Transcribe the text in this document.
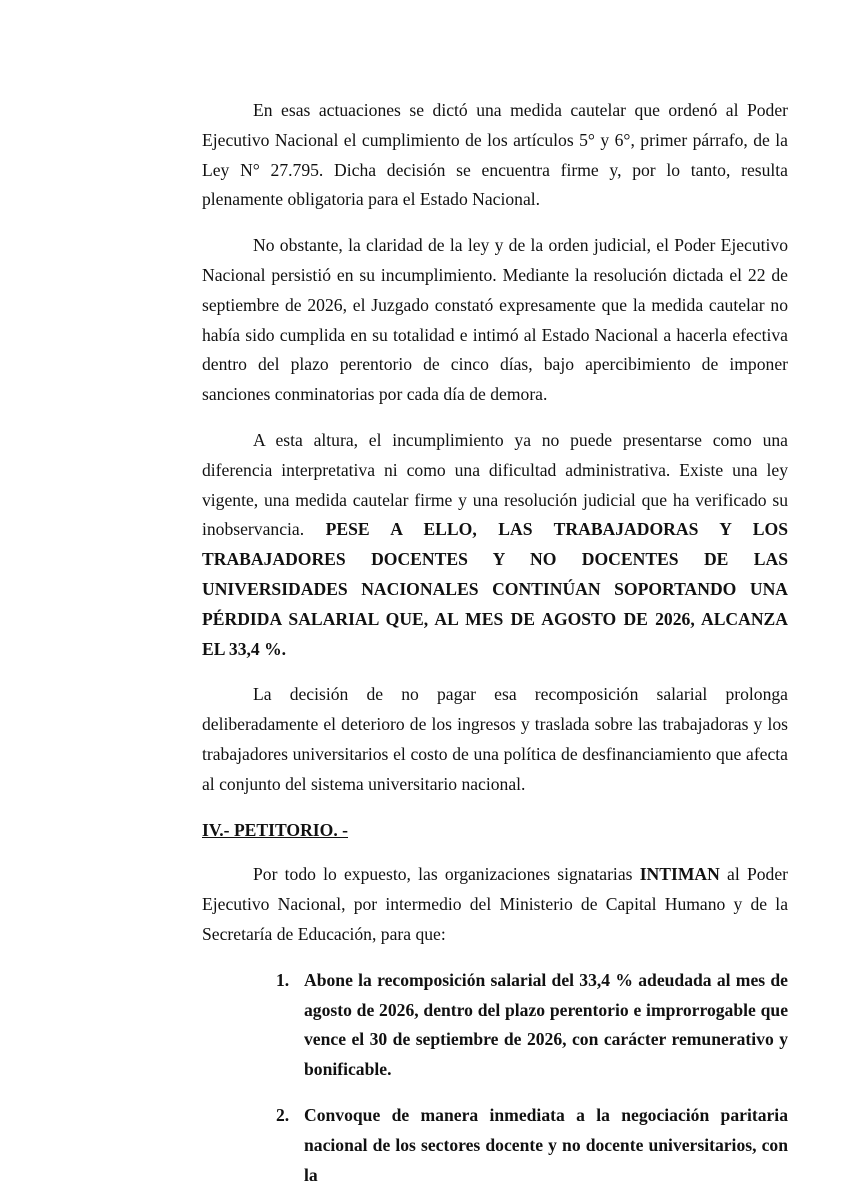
En esas actuaciones se dictó una medida cautelar que ordenó al Poder Ejecutivo Nacional el cumplimiento de los artículos 5° y 6°, primer párrafo, de la Ley N° 27.795. Dicha decisión se encuentra firme y, por lo tanto, resulta plenamente obligatoria para el Estado Nacional.

No obstante, la claridad de la ley y de la orden judicial, el Poder Ejecutivo Nacional persistió en su incumplimiento. Mediante la resolución dictada el 22 de septiembre de 2026, el Juzgado constató expresamente que la medida cautelar no había sido cumplida en su totalidad e intimó al Estado Nacional a hacerla efectiva dentro del plazo perentorio de cinco días, bajo apercibimiento de imponer sanciones conminatorias por cada día de demora.

A esta altura, el incumplimiento ya no puede presentarse como una diferencia interpretativa ni como una dificultad administrativa. Existe una ley vigente, una medida cautelar firme y una resolución judicial que ha verificado su inobservancia. PESE A ELLO, LAS TRABAJADORAS Y LOS TRABAJADORES DOCENTES Y NO DOCENTES DE LAS UNIVERSIDADES NACIONALES CONTINÚAN SOPORTANDO UNA PÉRDIDA SALARIAL QUE, AL MES DE AGOSTO DE 2026, ALCANZA EL 33,4 %.

La decisión de no pagar esa recomposición salarial prolonga deliberadamente el deterioro de los ingresos y traslada sobre las trabajadoras y los trabajadores universitarios el costo de una política de desfinanciamiento que afecta al conjunto del sistema universitario nacional.

IV.- PETITORIO. -

Por todo lo expuesto, las organizaciones signatarias INTIMAN al Poder Ejecutivo Nacional, por intermedio del Ministerio de Capital Humano y de la Secretaría de Educación, para que:

1. Abone la recomposición salarial del 33,4 % adeudada al mes de agosto de 2026, dentro del plazo perentorio e improrrogable que vence el 30 de septiembre de 2026, con carácter remunerativo y bonificable.
2. Convoque de manera inmediata a la negociación paritaria nacional de los sectores docente y no docente universitarios, con la
